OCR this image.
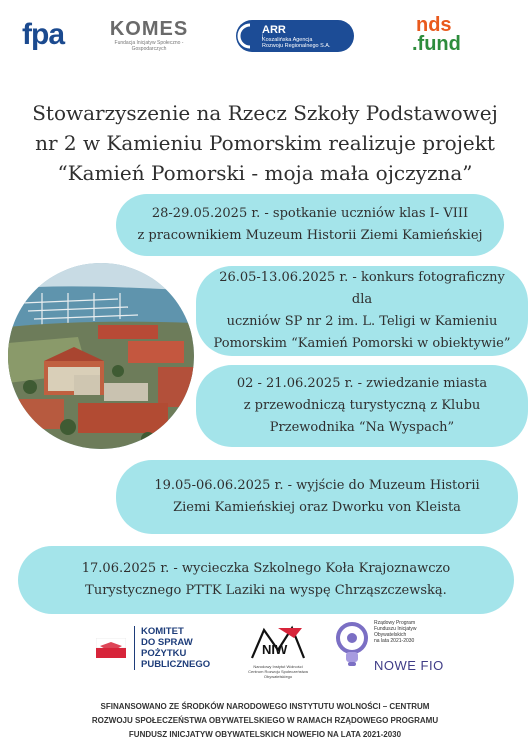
fpa KOMES
Fundacja Inicjatyw Społeczno - Gospodarczych
ARR
Koszalińska Agencja
Rozwoju Regionalnego S.A.
nds
.fund
Stowarzyszenie na Rzecz Szkoły Podstawowej nr 2 w Kamieniu Pomorskim realizuje projekt “Kamień Pomorski - moja mała ojczyzna”
28-29.05.2025 r. - spotkanie uczniów klas I- VIII
z pracownikiem Muzeum Historii Ziemi Kamieńskiej
26.05-13.06.2025 r. - konkurs fotograficzny dla
uczniów SP nr 2 im. L. Teligi w Kamieniu
Pomorskim “Kamień Pomorski w obiektywie”
02 - 21.06.2025 r. - zwiedzanie miasta
z przewodniczą turystyczną z Klubu
Przewodnika “Na Wyspach”
19.05-06.06.2025 r. - wyjście do Muzeum Historii
Ziemi Kamieńskiej oraz Dworku von Kleista
17.06.2025 r. - wycieczka Szkolnego Koła Krajoznawczo
Turystycznego PTTK Laziki na wyspę Chrząszczewską.
KOMITET
DO SPRAW
POŻYTKU
PUBLICZNEGO
NIW
Narodowy Instytut Wolności
Centrum Rozwoju Społeczeństwa Obywatelskiego
Rządowy Program
Funduszu Inicjatyw
Obywatelskich
na lata 2021-2030
NOWE FIO
SFINANSOWANO ZE ŚRODKÓW NARODOWEGO INSTYTUTU WOLNOŚCI – CENTRUM
ROZWOJU SPOŁECZEŃSTWA OBYWATELSKIEGO W RAMACH RZĄDOWEGO PROGRAMU
FUNDUSZ INICJATYW OBYWATELSKICH NOWEFIO NA LATA 2021-2030
